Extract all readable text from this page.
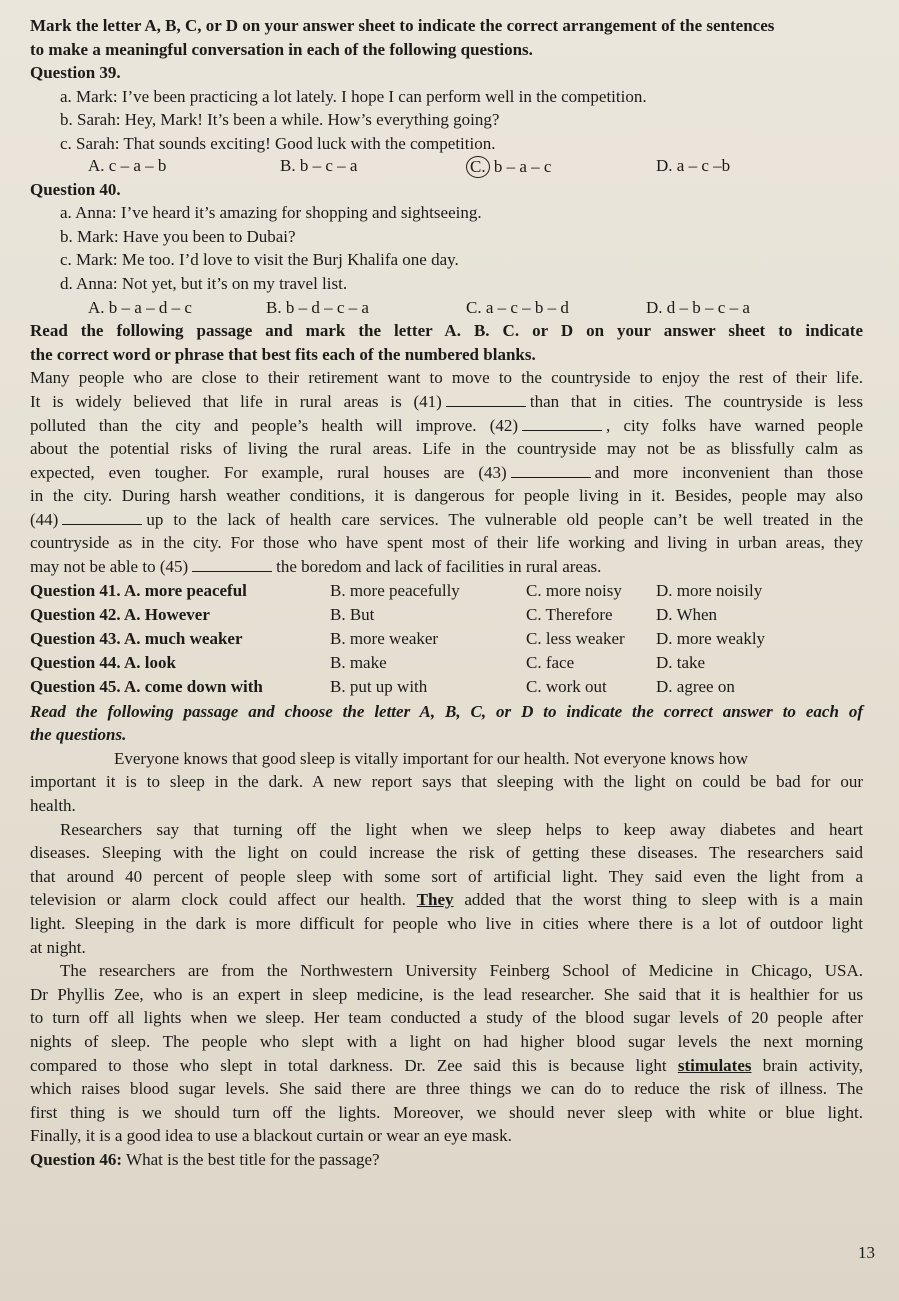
Mark the letter A, B, C, or D on your answer sheet to indicate the correct arrangement of the sentences

to make a meaningful conversation in each of the following questions.

Question 39.

a. Mark: I’ve been practicing a lot lately. I hope I can perform well in the competition.

b. Sarah: Hey, Mark! It’s been a while. How’s everything going?

c. Sarah: That sounds exciting! Good luck with the competition.

A. c – a – b	B. b – c – a	C. b – a – c	D. a – c –b

Question 40.

a. Anna: I’ve heard it’s amazing for shopping and sightseeing.

b. Mark: Have you been to Dubai?

c. Mark: Me too. I’d love to visit the Burj Khalifa one day.

d. Anna: Not yet, but it’s on my travel list.

A. b – a – d – c	B. b – d – c – a	C. a – c – b – d	D. d – b – c – a

Read the following passage and mark the letter A. B. C. or D on your answer sheet to indicate

the correct word or phrase that best fits each of the numbered blanks.

Many people who are close to their retirement want to move to the countryside to enjoy the rest of their life.

It is widely believed that life in rural areas is (41)	than that in cities. The countryside is less

polluted than the city and people’s health will improve. (42)	, city folks have warned people

about the potential risks of living the rural areas. Life in the countryside may not be as blissfully calm as

expected, even tougher. For example, rural houses are (43)	and more inconvenient than those

in the city. During harsh weather conditions, it is dangerous for people living in it. Besides, people may also

(44)	up to the lack of health care services. The vulnerable old people can’t be well treated in the

countryside as in the city. For those who have spent most of their life working and living in urban areas, they

may not be able to (45)	the boredom and lack of facilities in rural areas.

Question 41. A. more peaceful	B. more peacefully	C. more noisy	D. more noisily
Question 42. A. However	B. But	C. Therefore	D. When
Question 43. A. much weaker	B. more weaker	C. less weaker	D. more weakly
Question 44. A. look	B. make	C. face	D. take
Question 45. A. come down with	B. put up with	C. work out	D. agree on

Read the following passage and choose the letter A, B, C, or D to indicate the correct answer to each of

the questions.

Everyone knows that good sleep is vitally important for our health. Not everyone knows how

important it is to sleep in the dark. A new report says that sleeping with the light on could be bad for our

health.

Researchers say that turning off the light when we sleep helps to keep away diabetes and heart

diseases. Sleeping with the light on could increase the risk of getting these diseases. The researchers said

that around 40 percent of people sleep with some sort of artificial light. They said even the light from a

television or alarm clock could affect our health. They added that the worst thing to sleep with is a main

light. Sleeping in the dark is more difficult for people who live in cities where there is a lot of outdoor light

at night.

The researchers are from the Northwestern University Feinberg School of Medicine in Chicago, USA.

Dr Phyllis Zee, who is an expert in sleep medicine, is the lead researcher. She said that it is healthier for us

to turn off all lights when we sleep. Her team conducted a study of the blood sugar levels of 20 people after

nights of sleep. The people who slept with a light on had higher blood sugar levels the next morning

compared to those who slept in total darkness. Dr. Zee said this is because light stimulates brain activity,

which raises blood sugar levels. She said there are three things we can do to reduce the risk of illness. The

first thing is we should turn off the lights. Moreover, we should never sleep with white or blue light.

Finally, it is a good idea to use a blackout curtain or wear an eye mask.

Question 46: What is the best title for the passage?

13
